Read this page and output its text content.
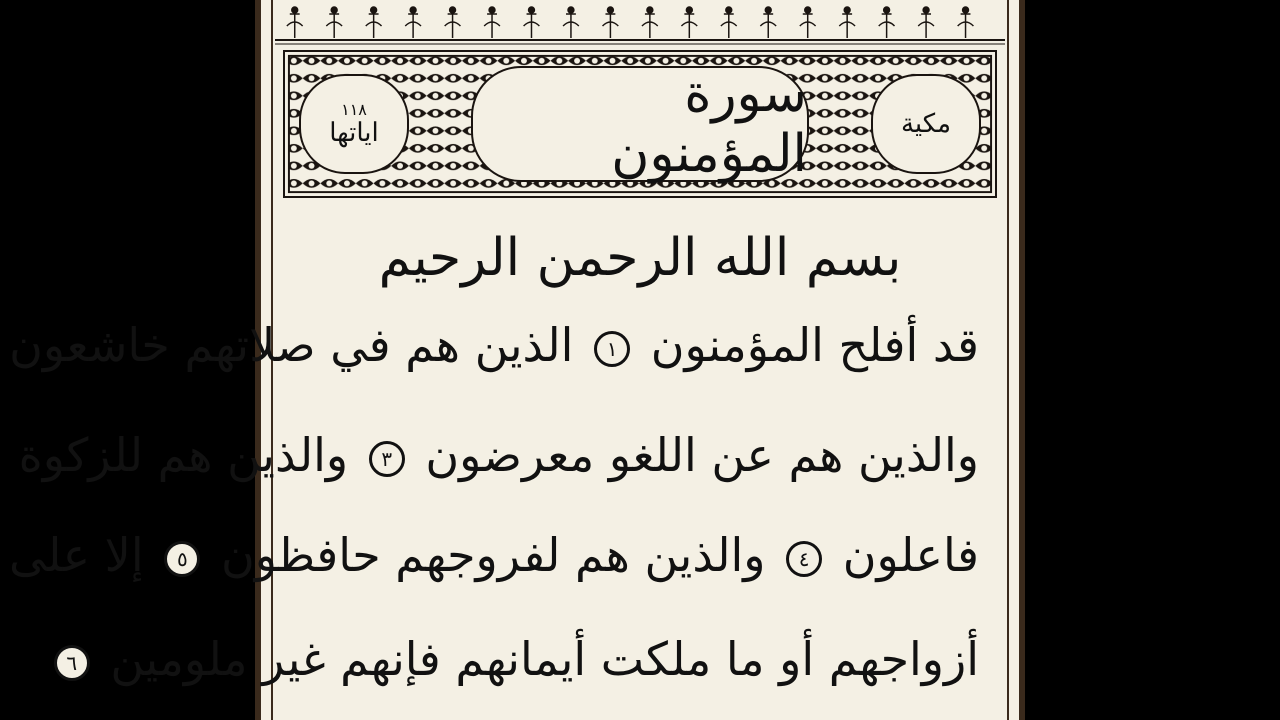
١١٨
اياتها
سورة المؤمنون
مكية
بسم الله الرحمن الرحيم
قد أفلح المؤمنون ١ الذين هم في صلاتهم خاشعون
والذين هم عن اللغو معرضون ٣ والذين هم للزكوة
فاعلون ٤ والذين هم لفروجهم حافظون ٥ إلا على
أزواجهم أو ما ملكت أيمانهم فإنهم غير ملومين ٦
